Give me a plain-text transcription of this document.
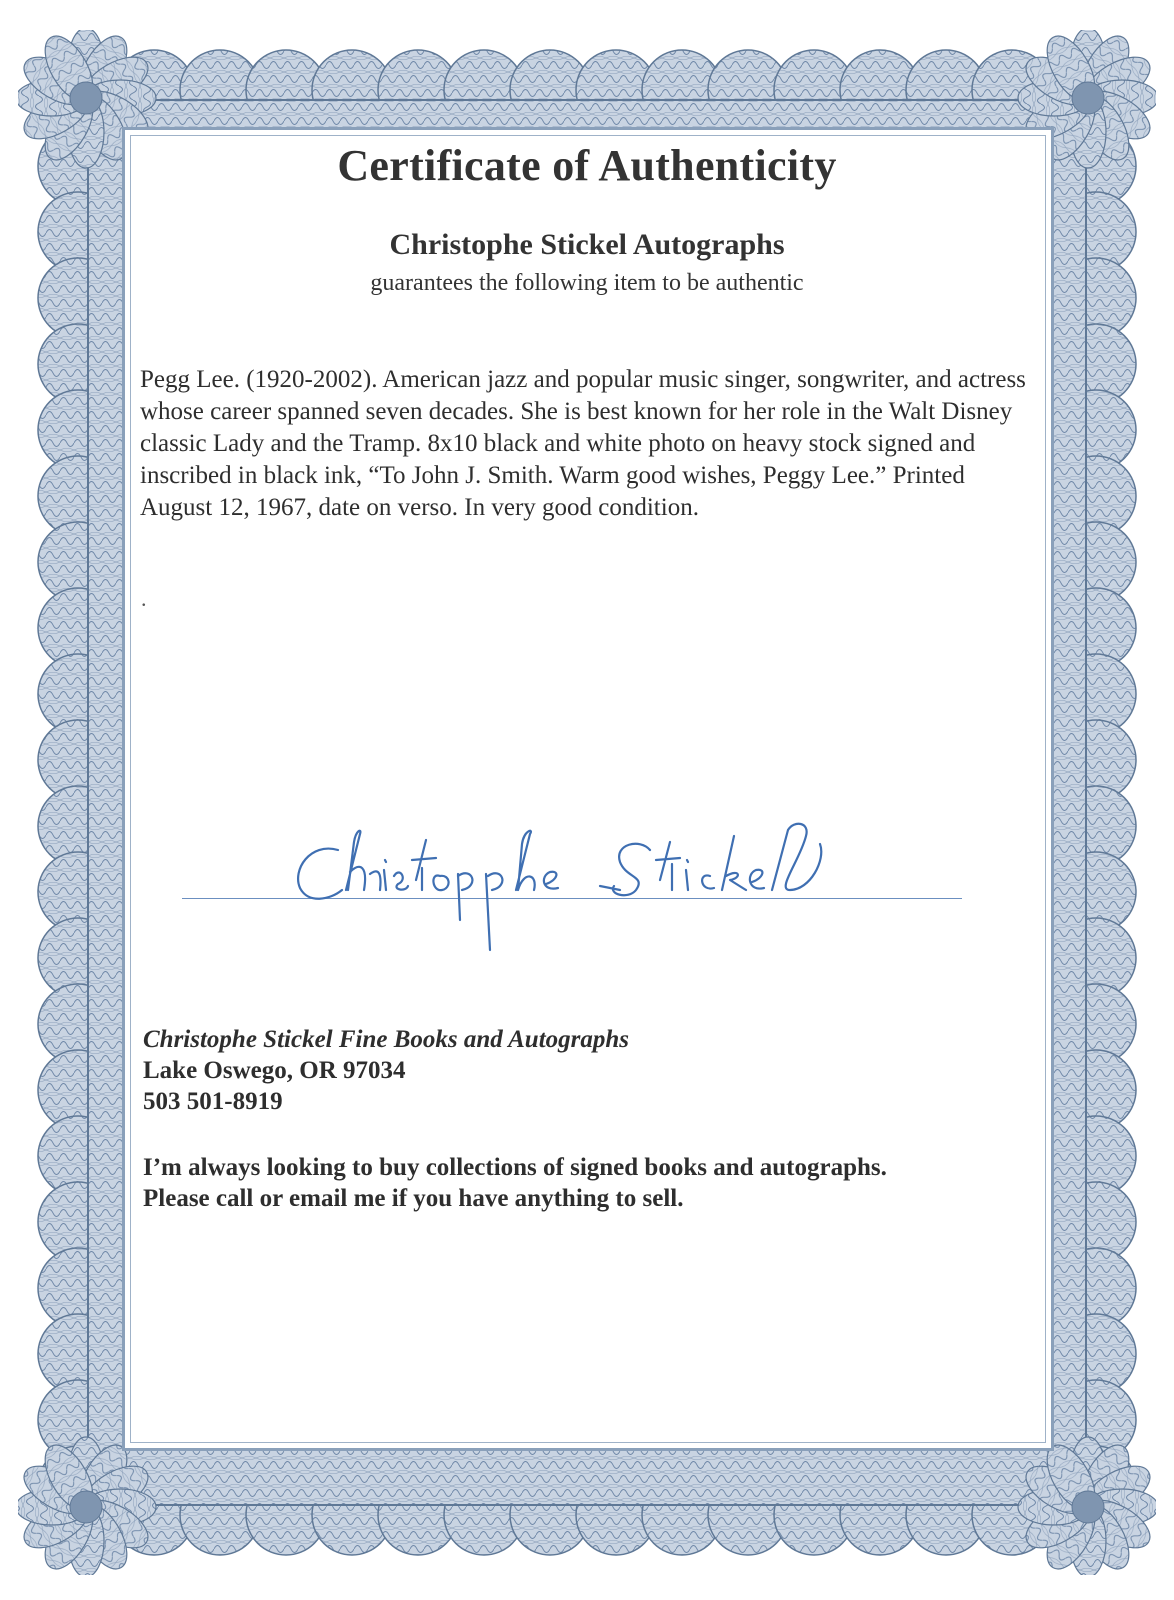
Certificate of Authenticity
Christophe Stickel Autographs
guarantees the following item to be authentic
Pegg Lee. (1920-2002). American jazz and popular music singer, songwriter, and actress whose career spanned seven decades. She is best known for her role in the Walt Disney classic Lady and the Tramp. 8x10 black and white photo on heavy stock signed and inscribed in black ink, “To John J. Smith. Warm good wishes, Peggy Lee.” Printed August 12, 1967, date on verso. In very good condition.
.
Christophe Stickel
Christophe Stickel Fine Books and Autographs
Lake Oswego, OR 97034
503 501-8919
I’m always looking to buy collections of signed books and autographs.
Please call or email me if you have anything to sell.
